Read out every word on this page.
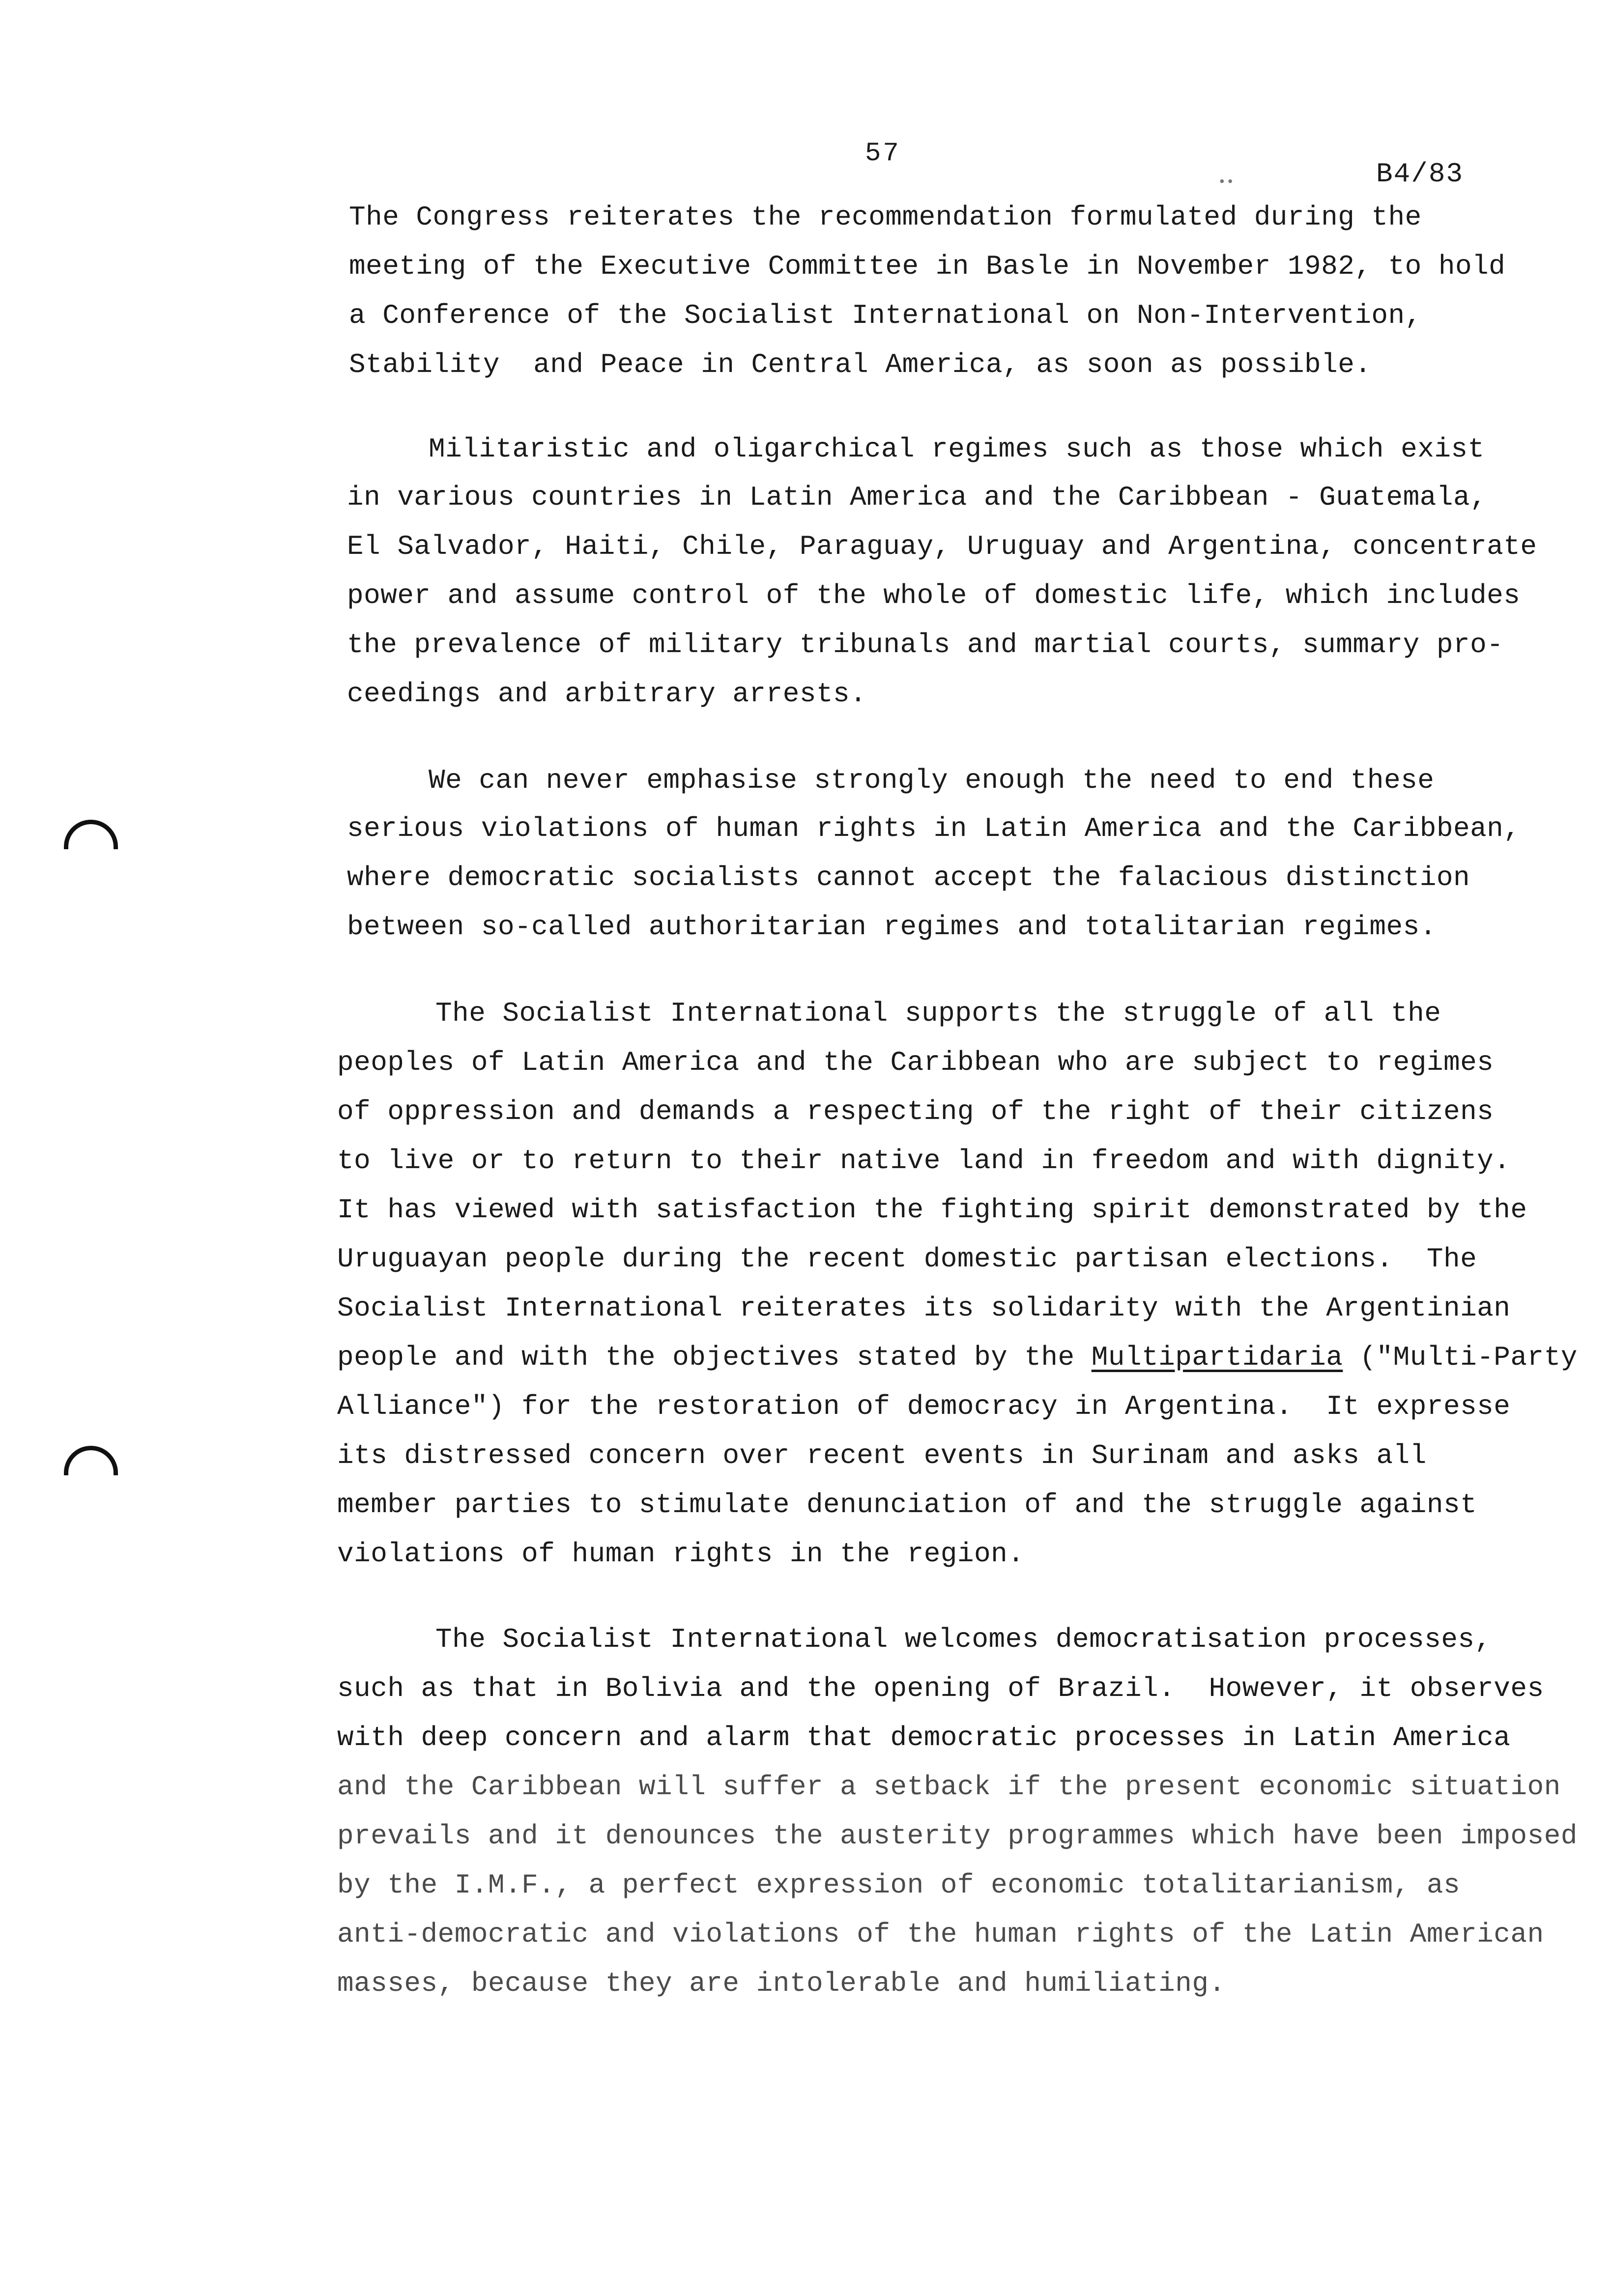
57
B4/83
••
The Congress reiterates the recommendation formulated during the
meeting of the Executive Committee in Basle in November 1982, to hold
a Conference of the Socialist International on Non-Intervention,
Stability  and Peace in Central America, as soon as possible.
Militaristic and oligarchical regimes such as those which exist
in various countries in Latin America and the Caribbean - Guatemala,
El Salvador, Haiti, Chile, Paraguay, Uruguay and Argentina, concentrate
power and assume control of the whole of domestic life, which includes
the prevalence of military tribunals and martial courts, summary pro-
ceedings and arbitrary arrests.
We can never emphasise strongly enough the need to end these
serious violations of human rights in Latin America and the Caribbean,
where democratic socialists cannot accept the falacious distinction
between so-called authoritarian regimes and totalitarian regimes.
The Socialist International supports the struggle of all the
peoples of Latin America and the Caribbean who are subject to regimes
of oppression and demands a respecting of the right of their citizens
to live or to return to their native land in freedom and with dignity.
It has viewed with satisfaction the fighting spirit demonstrated by the
Uruguayan people during the recent domestic partisan elections.  The
Socialist International reiterates its solidarity with the Argentinian
people and with the objectives stated by the Multipartidaria ("Multi-Party
Alliance") for the restoration of democracy in Argentina.  It expresse
its distressed concern over recent events in Surinam and asks all
member parties to stimulate denunciation of and the struggle against
violations of human rights in the region.
The Socialist International welcomes democratisation processes,
such as that in Bolivia and the opening of Brazil.  However, it observes
with deep concern and alarm that democratic processes in Latin America
and the Caribbean will suffer a setback if the present economic situation
prevails and it denounces the austerity programmes which have been imposed
by the I.M.F., a perfect expression of economic totalitarianism, as
anti-democratic and violations of the human rights of the Latin American
masses, because they are intolerable and humiliating.
